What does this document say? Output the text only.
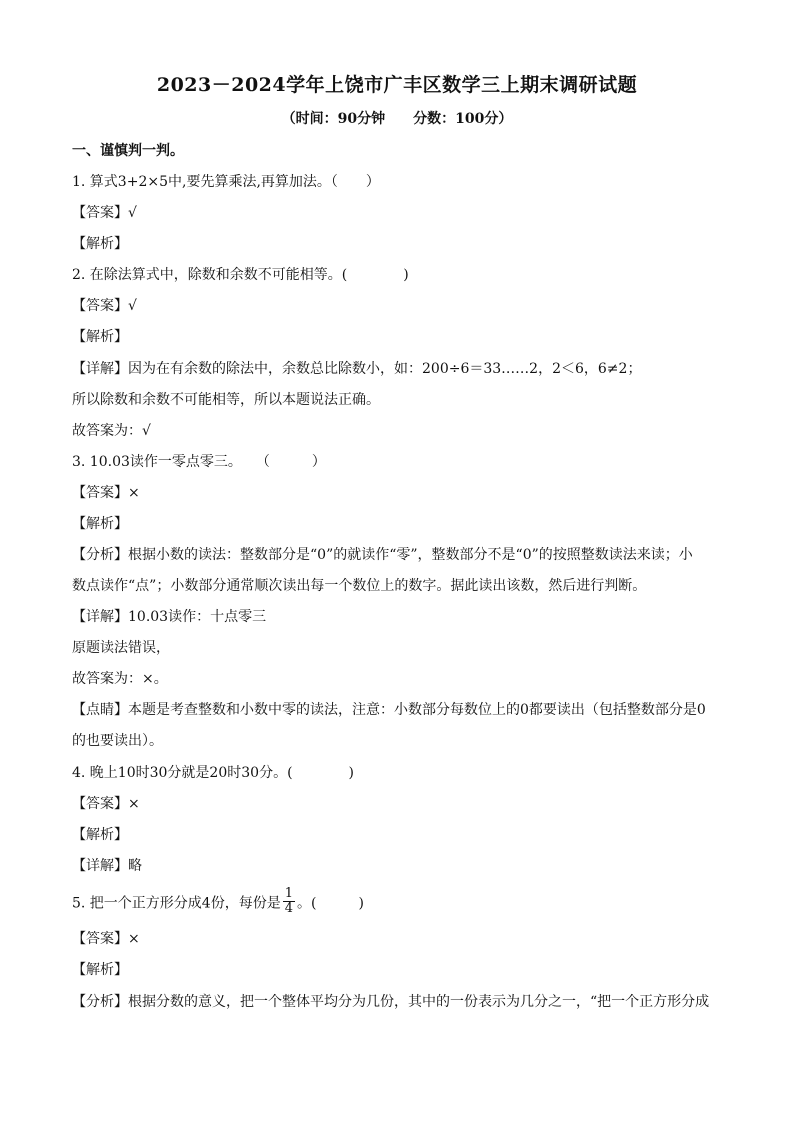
2023－2024学年上饶市广丰区数学三上期末调研试题
（时间：90分钟　　分数：100分）
一、谨慎判一判。
1. 算式3+2×5中,要先算乘法,再算加法。（　　）
【答案】√
【解析】
2. 在除法算式中，除数和余数不可能相等。(　　　　)
【答案】√
【解析】
【详解】因为在有余数的除法中，余数总比除数小，如：200÷6＝33……2，2＜6，6≠2；
所以除数和余数不可能相等，所以本题说法正确。
故答案为：√
3. 10.03读作一零点零三。　　（　　　）
【答案】×
【解析】
【分析】根据小数的读法：整数部分是“0”的就读作“零”，整数部分不是“0”的按照整数读法来读；小
数点读作“点”；小数部分通常顺次读出每一个数位上的数字。据此读出该数，然后进行判断。
【详解】10.03读作：十点零三
原题读法错误，
故答案为：×。
【点睛】本题是考查整数和小数中零的读法，注意：小数部分每数位上的0都要读出（包括整数部分是0
的也要读出）。
4. 晚上10时30分就是20时30分。(　　　　)
【答案】×
【解析】
【详解】略
5. 把一个正方形分成4份，每份是 $\frac{1}{4}$ 。(　　　)
【答案】×
【解析】
【分析】根据分数的意义，把一个整体平均分为几份，其中的一份表示为几分之一，“把一个正方形分成
